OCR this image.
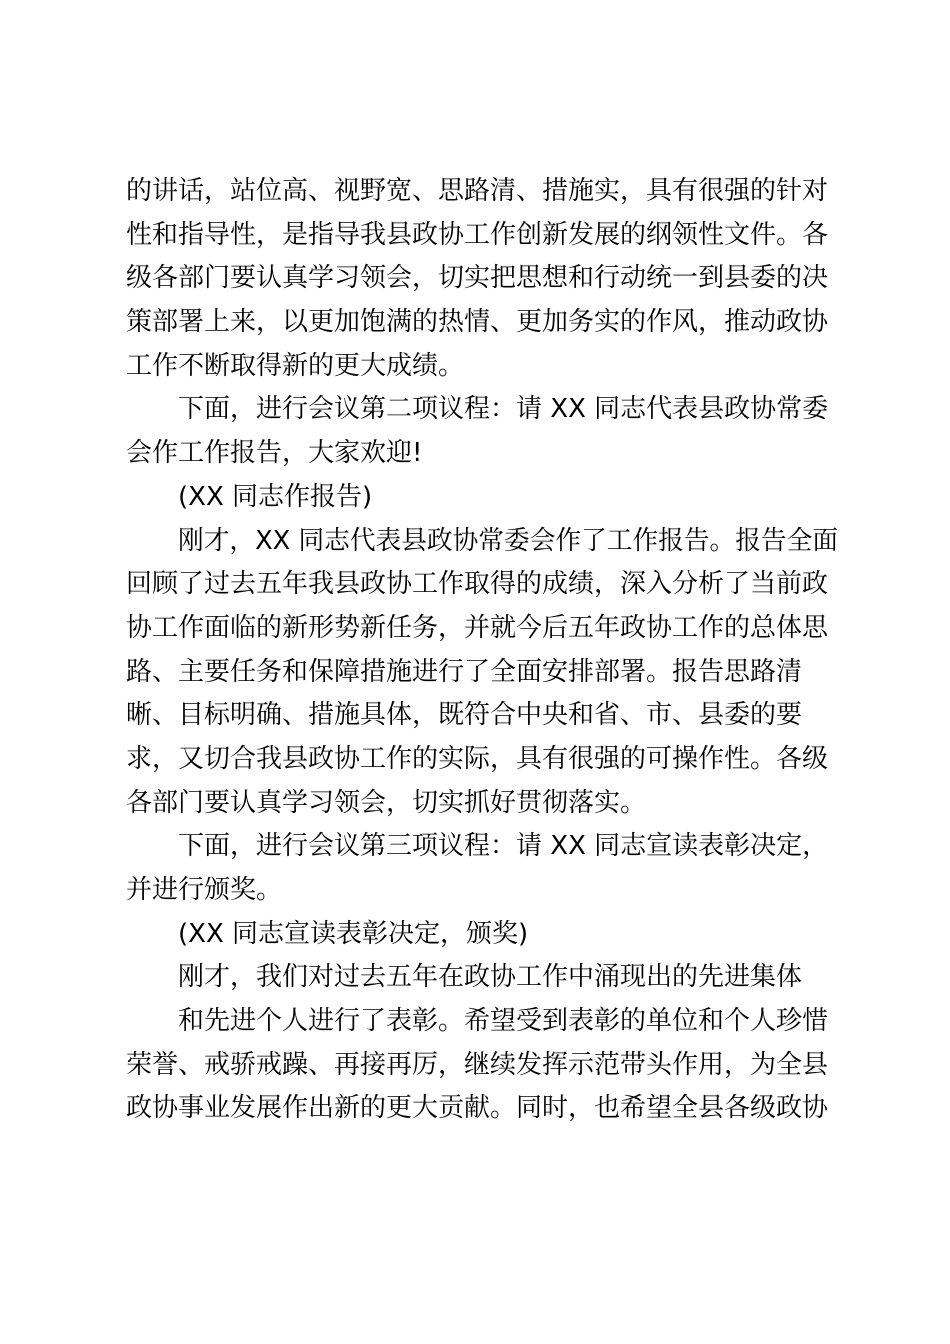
的讲话，站位高、视野宽、思路清、措施实，具有很强的针对
性和指导性，是指导我县政协工作创新发展的纲领性文件。各
级各部门要认真学习领会，切实把思想和行动统一到县委的决
策部署上来，以更加饱满的热情、更加务实的作风，推动政协
工作不断取得新的更大成绩。
下面，进行会议第二项议程：请 XX 同志代表县政协常委
会作工作报告，大家欢迎!
(XX 同志作报告)
刚才，XX 同志代表县政协常委会作了工作报告。报告全面
回顾了过去五年我县政协工作取得的成绩，深入分析了当前政
协工作面临的新形势新任务，并就今后五年政协工作的总体思
路、主要任务和保障措施进行了全面安排部署。报告思路清
晰、目标明确、措施具体，既符合中央和省、市、县委的要
求，又切合我县政协工作的实际，具有很强的可操作性。各级
各部门要认真学习领会，切实抓好贯彻落实。
下面，进行会议第三项议程：请 XX 同志宣读表彰决定，
并进行颁奖。
(XX 同志宣读表彰决定，颁奖)
刚才，我们对过去五年在政协工作中涌现出的先进集体
和先进个人进行了表彰。希望受到表彰的单位和个人珍惜
荣誉、戒骄戒躁、再接再厉，继续发挥示范带头作用，为全县
政协事业发展作出新的更大贡献。同时，也希望全县各级政协
